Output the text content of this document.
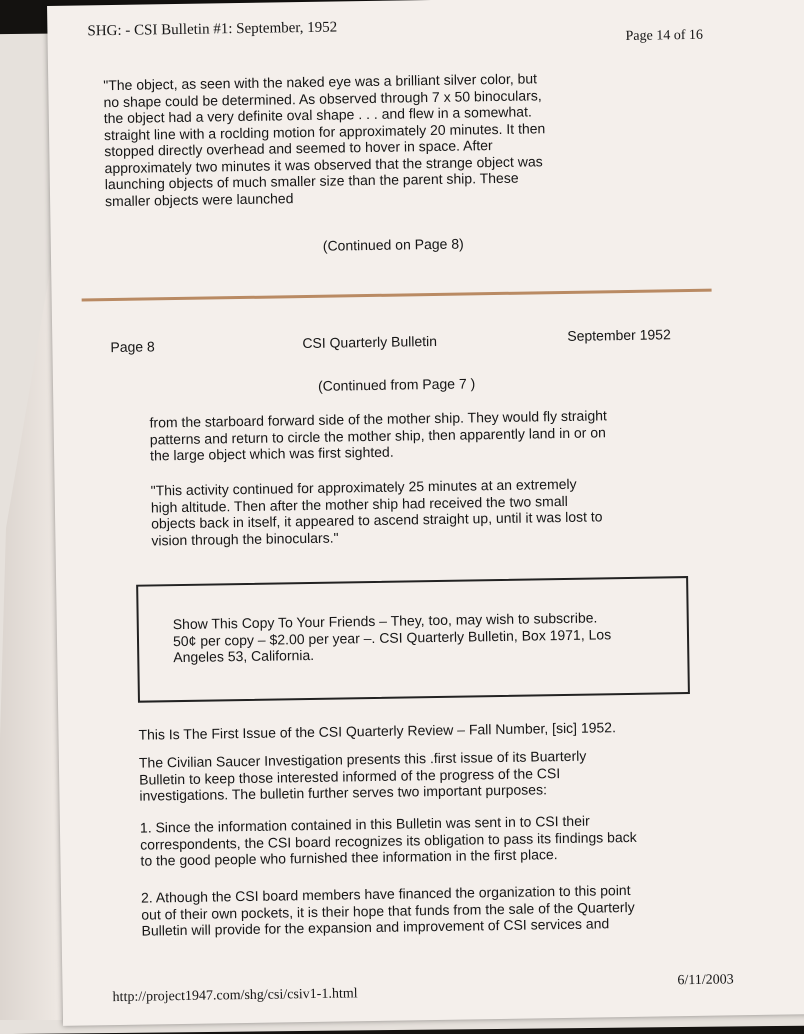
SHG: - CSI Bulletin #1: September, 1952	Page 14 of 16
"The object, as seen with the naked eye was a brilliant silver color, but
no shape could be determined. As observed through 7 x 50 binoculars,
the object had a very definite oval shape . . . and flew in a somewhat.
straight line with a roclding motion for approximately 20 minutes. It then
stopped directly overhead and seemed to hover in space. After
approximately two minutes it was observed that the strange object was
launching objects of much smaller size than the parent ship. These
smaller objects were launched
(Continued on Page 8)
Page 8	CSI Quarterly Bulletin	September 1952
(Continued from Page 7 )
from the starboard forward side of the mother ship. They would fly straight
patterns and return to circle the mother ship, then apparently land in or on
the large object which was first sighted.
"This activity continued for approximately 25 minutes at an extremely
high altitude. Then after the mother ship had received the two small
objects back in itself, it appeared to ascend straight up, until it was lost to
vision through the binoculars."
Show This Copy To Your Friends – They, too, may wish to subscribe.
50¢ per copy – $2.00 per year –. CSI Quarterly Bulletin, Box 1971, Los
Angeles 53, California.
This Is The First Issue of the CSI Quarterly Review – Fall Number, [sic] 1952.
The Civilian Saucer Investigation presents this .first issue of its Buarterly
Bulletin to keep those interested informed of the progress of the CSI
investigations. The bulletin further serves two important purposes:
1. Since the information contained in this Bulletin was sent in to CSI their
correspondents, the CSI board recognizes its obligation to pass its findings back
to the good people who furnished thee information in the first place.
2. Athough the CSI board members have financed the organization to this point
out of their own pockets, it is their hope that funds from the sale of the Quarterly
Bulletin will provide for the expansion and improvement of CSI services and
http://project1947.com/shg/csi/csiv1-1.html
6/11/2003
